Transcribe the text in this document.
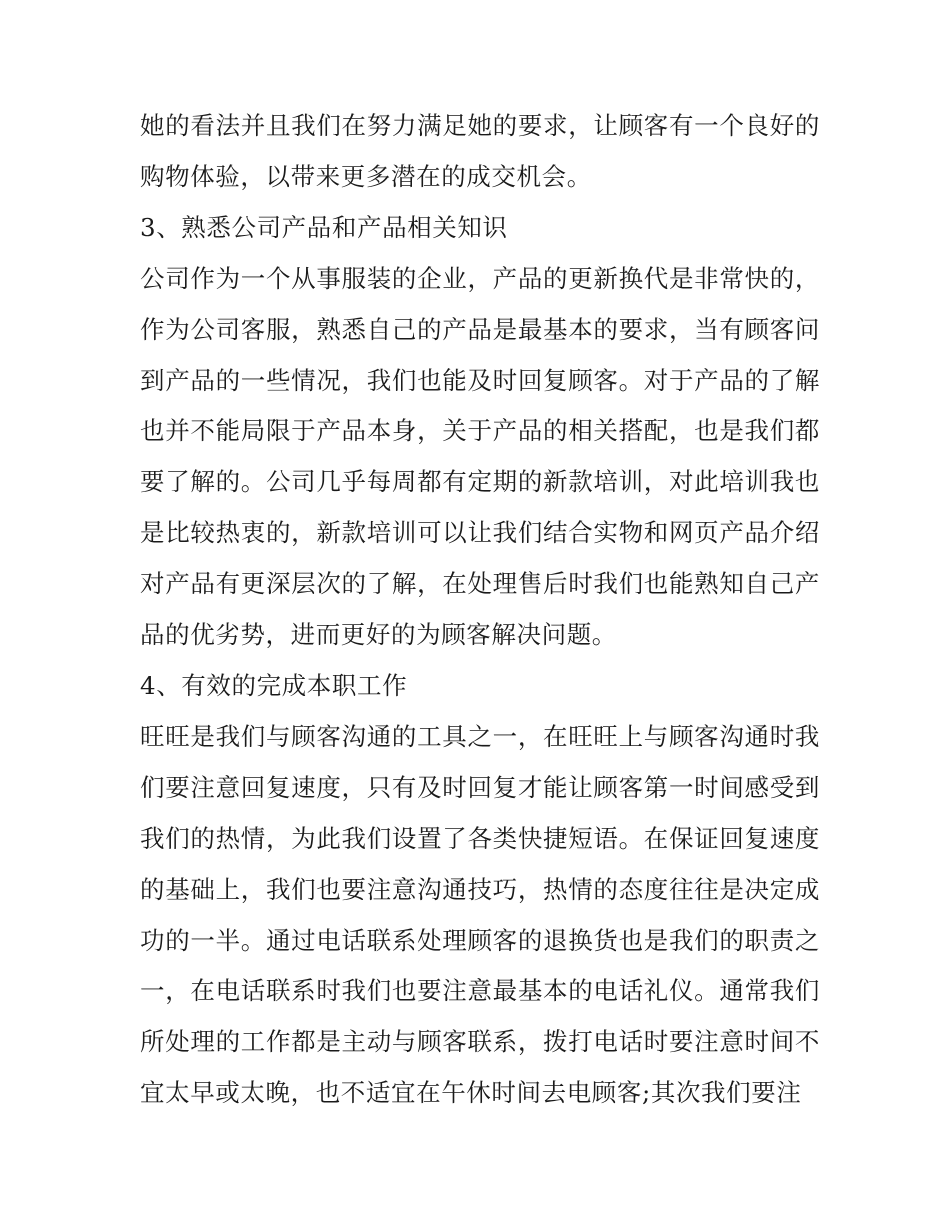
她的看法并且我们在努力满足她的要求，让顾客有一个良好的购物体验，以带来更多潜在的成交机会。

3、熟悉公司产品和产品相关知识

公司作为一个从事服装的企业，产品的更新换代是非常快的，作为公司客服，熟悉自己的产品是最基本的要求，当有顾客问到产品的一些情况，我们也能及时回复顾客。对于产品的了解也并不能局限于产品本身，关于产品的相关搭配，也是我们都要了解的。公司几乎每周都有定期的新款培训，对此培训我也是比较热衷的，新款培训可以让我们结合实物和网页产品介绍对产品有更深层次的了解，在处理售后时我们也能熟知自己产品的优劣势，进而更好的为顾客解决问题。

4、有效的完成本职工作

旺旺是我们与顾客沟通的工具之一，在旺旺上与顾客沟通时我们要注意回复速度，只有及时回复才能让顾客第一时间感受到我们的热情，为此我们设置了各类快捷短语。在保证回复速度的基础上，我们也要注意沟通技巧，热情的态度往往是决定成功的一半。通过电话联系处理顾客的退换货也是我们的职责之一，在电话联系时我们也要注意最基本的电话礼仪。通常我们所处理的工作都是主动与顾客联系，拨打电话时要注意时间不宜太早或太晚，也不适宜在午休时间去电顾客;其次我们要注
